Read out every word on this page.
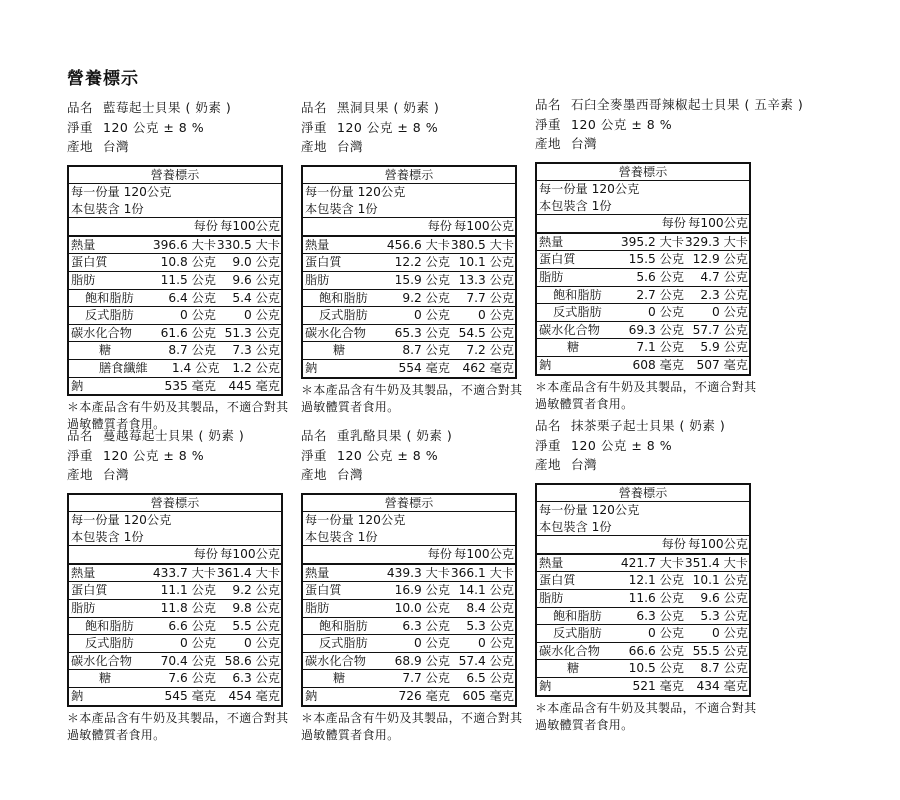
營養標示
品名 藍莓起士貝果 ( 奶素 )
淨重 120 公克 ± 8 %
產地 台灣
營養標示
每一份量 120公克
本包裝含 1份
每份 每100公克
熱量	396.6 大卡 330.5 大卡
蛋白質	10.8 公克	9.0 公克
脂肪	11.5 公克	9.6 公克
飽和脂肪	6.4 公克	5.4 公克
反式脂肪	0 公克	0 公克
碳水化合物	61.6 公克 51.3 公克
糖	8.7 公克	7.3 公克
膳食纖維	1.4 公克	1.2 公克
鈉	535 毫克	445 毫克
＊本產品含有牛奶及其製品，不適合對其過敏體質者食用。
品名 黑洞貝果 ( 奶素 )
淨重 120 公克 ± 8 %
產地 台灣
營養標示
每一份量 120公克
本包裝含 1份
每份 每100公克
熱量	456.6 大卡 380.5 大卡
蛋白質	12.2 公克 10.1 公克
脂肪	15.9 公克 13.3 公克
飽和脂肪	9.2 公克	7.7 公克
反式脂肪	0 公克	0 公克
碳水化合物	65.3 公克 54.5 公克
糖	8.7 公克	7.2 公克
鈉	554 毫克	462 毫克
＊本產品含有牛奶及其製品，不適合對其過敏體質者食用。
品名 石臼全麥墨西哥辣椒起士貝果 ( 五辛素 )
淨重 120 公克 ± 8 %
產地 台灣
營養標示
每一份量 120公克
本包裝含 1份
每份 每100公克
熱量	395.2 大卡 329.3 大卡
蛋白質	15.5 公克 12.9 公克
脂肪	5.6 公克	4.7 公克
飽和脂肪	2.7 公克	2.3 公克
反式脂肪	0 公克	0 公克
碳水化合物	69.3 公克 57.7 公克
糖	7.1 公克	5.9 公克
鈉	608 毫克	507 毫克
＊本產品含有牛奶及其製品，不適合對其過敏體質者食用。
品名 蔓越莓起士貝果 ( 奶素 )
淨重 120 公克 ± 8 %
產地 台灣
營養標示
每一份量 120公克
本包裝含 1份
每份 每100公克
熱量	433.7 大卡 361.4 大卡
蛋白質	11.1 公克	9.2 公克
脂肪	11.8 公克	9.8 公克
飽和脂肪	6.6 公克	5.5 公克
反式脂肪	0 公克	0 公克
碳水化合物	70.4 公克 58.6 公克
糖	7.6 公克	6.3 公克
鈉	545 毫克	454 毫克
＊本產品含有牛奶及其製品，不適合對其過敏體質者食用。
品名 重乳酪貝果 ( 奶素 )
淨重 120 公克 ± 8 %
產地 台灣
營養標示
每一份量 120公克
本包裝含 1份
每份 每100公克
熱量	439.3 大卡 366.1 大卡
蛋白質	16.9 公克 14.1 公克
脂肪	10.0 公克	8.4 公克
飽和脂肪	6.3 公克	5.3 公克
反式脂肪	0 公克	0 公克
碳水化合物	68.9 公克 57.4 公克
糖	7.7 公克	6.5 公克
鈉	726 毫克	605 毫克
＊本產品含有牛奶及其製品，不適合對其過敏體質者食用。
品名 抹茶栗子起士貝果 ( 奶素 )
淨重 120 公克 ± 8 %
產地 台灣
營養標示
每一份量 120公克
本包裝含 1份
每份 每100公克
熱量	421.7 大卡 351.4 大卡
蛋白質	12.1 公克 10.1 公克
脂肪	11.6 公克	9.6 公克
飽和脂肪	6.3 公克	5.3 公克
反式脂肪	0 公克	0 公克
碳水化合物	66.6 公克 55.5 公克
糖	10.5 公克	8.7 公克
鈉	521 毫克	434 毫克
＊本產品含有牛奶及其製品，不適合對其過敏體質者食用。
